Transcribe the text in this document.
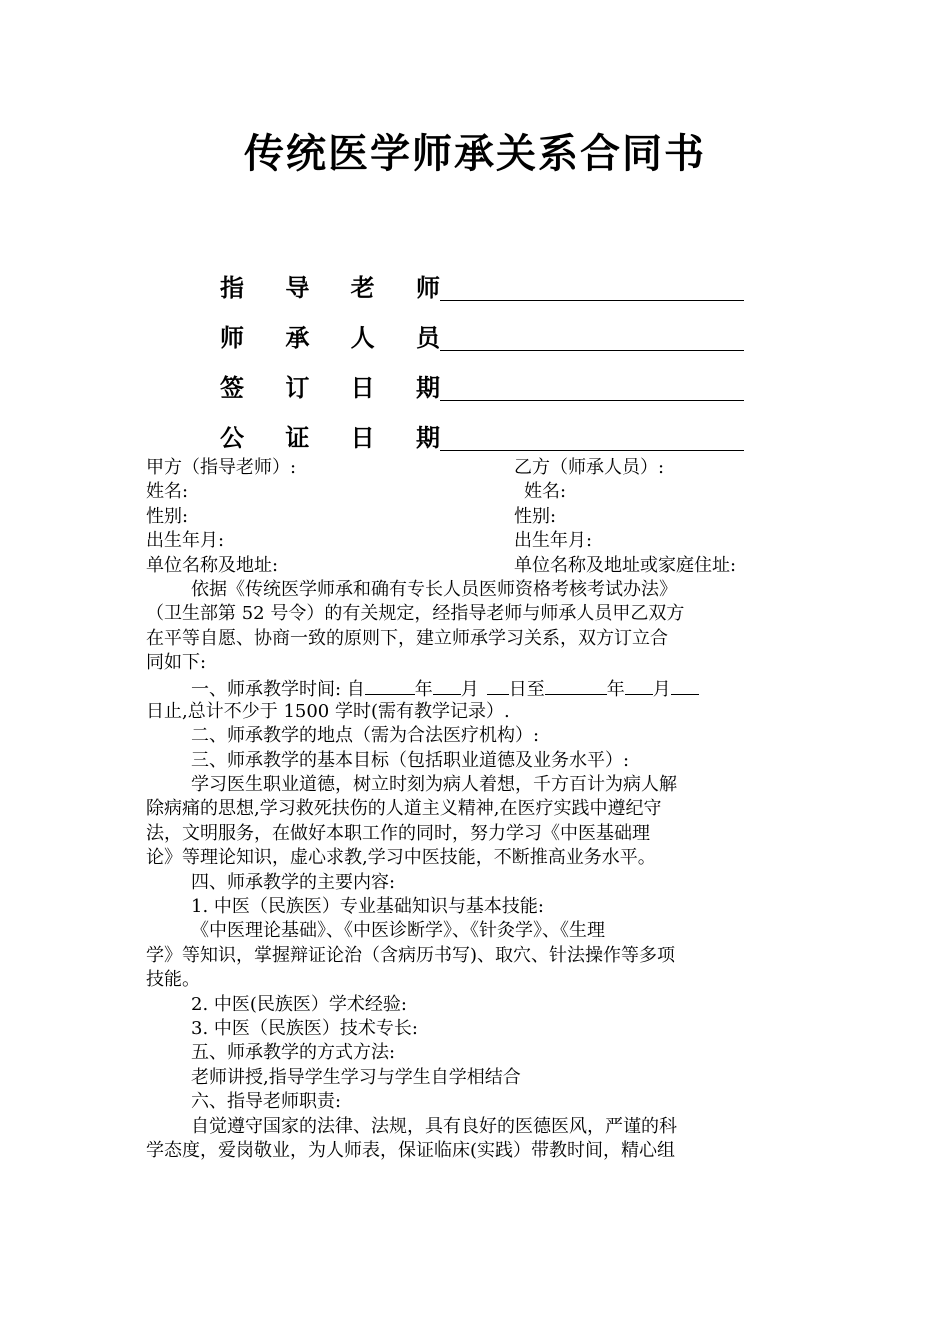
传统医学师承关系合同书
指 导 老 师
师 承 人 员
签 订 日 期
公 证 日 期
甲方（指导老师）:	乙方（师承人员）:
姓名:	姓名:
性别:	性别:
出生年月:	出生年月:
单位名称及地址:	单位名称及地址或家庭住址:
依据《传统医学师承和确有专长人员医师资格考核考试办法》
（卫生部第 52 号令）的有关规定，经指导老师与师承人员甲乙双方
在平等自愿、协商一致的原则下，建立师承学习关系，双方订立合
同如下:
一、师承教学时间: 自	年 月 日至	年 月
日止,总计不少于 1500 学时(需有教学记录）.
二、师承教学的地点（需为合法医疗机构）:
三、师承教学的基本目标（包括职业道德及业务水平）:
学习医生职业道德，树立时刻为病人着想，千方百计为病人解
除病痛的思想,学习救死扶伤的人道主义精神,在医疗实践中遵纪守
法，文明服务，在做好本职工作的同时，努力学习《中医基础理
论》等理论知识，虚心求教,学习中医技能，不断推高业务水平。
四、师承教学的主要内容:
1. 中医（民族医）专业基础知识与基本技能:
《中医理论基础》、《中医诊断学》、《针灸学》、《生理
学》等知识，掌握辩证论治（含病历书写)、取穴、针法操作等多项
技能。
2. 中医(民族医）学术经验:
3. 中医（民族医）技术专长:
五、师承教学的方式方法:
老师讲授,指导学生学习与学生自学相结合
六、指导老师职责:
自觉遵守国家的法律、法规，具有良好的医德医风，严谨的科
学态度，爱岗敬业，为人师表，保证临床(实践）带教时间，精心组
